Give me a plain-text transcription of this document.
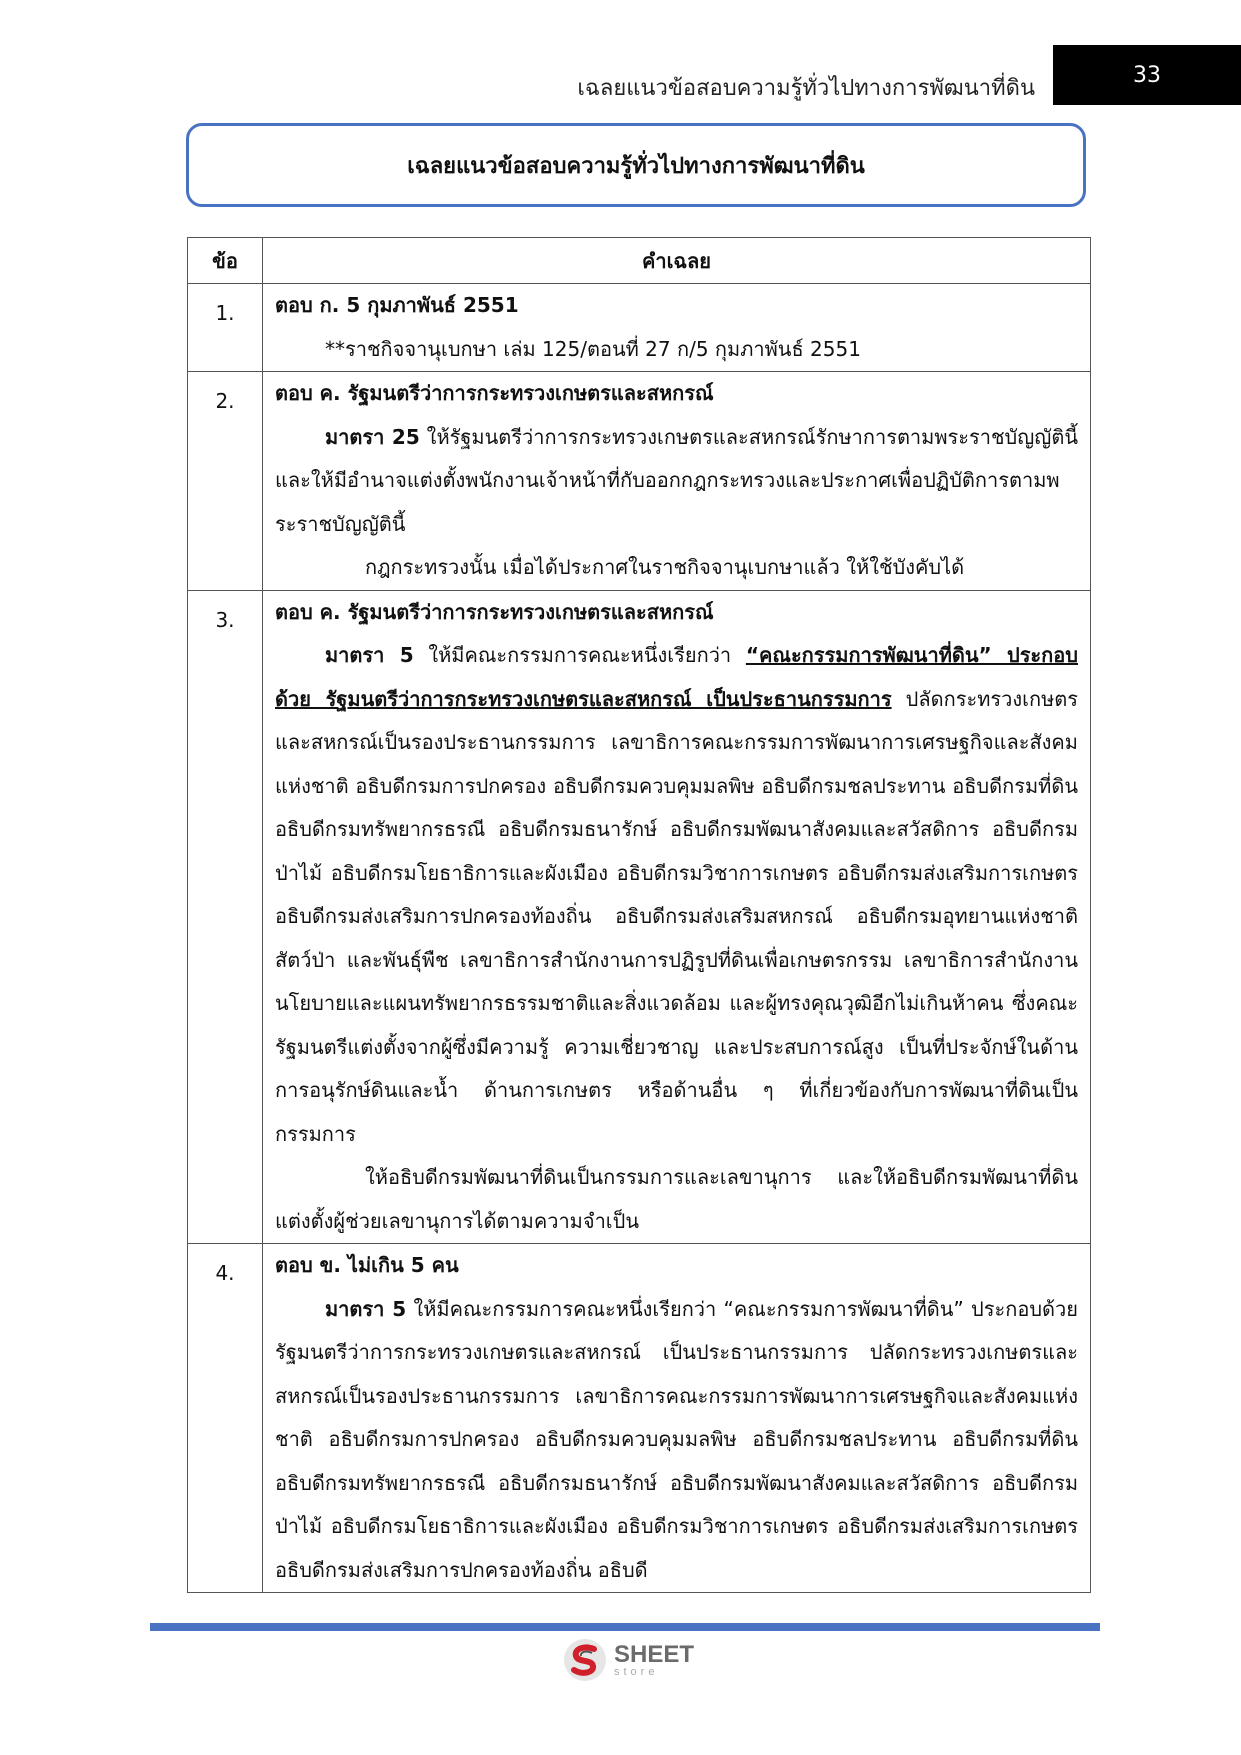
เฉลยแนวข้อสอบความรู้ทั่วไปทางการพัฒนาที่ดิน
33
เฉลยแนวข้อสอบความรู้ทั่วไปทางการพัฒนาที่ดิน
ข้อ	คำเฉลย
1.	ตอบ ก. 5 กุมภาพันธ์ 2551
**ราชกิจจานุเบกษา เล่ม 125/ตอนที่ 27 ก/5 กุมภาพันธ์ 2551

2.	ตอบ ค. รัฐมนตรีว่าการกระทรวงเกษตรและสหกรณ์

มาตรา 25 ให้รัฐมนตรีว่าการกระทรวงเกษตรและสหกรณ์รักษาการตามพระราชบัญญัตินี้และให้มีอำนาจแต่งตั้งพนักงานเจ้าหน้าที่กับออกกฎกระทรวงและประกาศเพื่อปฏิบัติการตามพระราชบัญญัตินี้

กฎกระทรวงนั้น เมื่อได้ประกาศในราชกิจจานุเบกษาแล้ว ให้ใช้บังคับได้

3.	ตอบ ค. รัฐมนตรีว่าการกระทรวงเกษตรและสหกรณ์

มาตรา 5 ให้มีคณะกรรมการคณะหนึ่งเรียกว่า “คณะกรรมการพัฒนาที่ดิน” ประกอบด้วย รัฐมนตรีว่าการกระทรวงเกษตรและสหกรณ์ เป็นประธานกรรมการ ปลัดกระทรวงเกษตรและสหกรณ์เป็นรองประธานกรรมการ เลขาธิการคณะกรรมการพัฒนาการเศรษฐกิจและสังคมแห่งชาติ อธิบดีกรมการปกครอง อธิบดีกรมควบคุมมลพิษ อธิบดีกรมชลประทาน อธิบดีกรมที่ดิน อธิบดีกรมทรัพยากรธรณี อธิบดีกรมธนารักษ์ อธิบดีกรมพัฒนาสังคมและสวัสดิการ อธิบดีกรมป่าไม้ อธิบดีกรมโยธาธิการและผังเมือง อธิบดีกรมวิชาการเกษตร อธิบดีกรมส่งเสริมการเกษตร อธิบดีกรมส่งเสริมการปกครองท้องถิ่น อธิบดีกรมส่งเสริมสหกรณ์ อธิบดีกรมอุทยานแห่งชาติ สัตว์ป่า และพันธุ์พืช เลขาธิการสำนักงานการปฏิรูปที่ดินเพื่อเกษตรกรรม เลขาธิการสำนักงานนโยบายและแผนทรัพยากรธรรมชาติและสิ่งแวดล้อม และผู้ทรงคุณวุฒิอีกไม่เกินห้าคน ซึ่งคณะรัฐมนตรีแต่งตั้งจากผู้ซึ่งมีความรู้ ความเชี่ยวชาญ และประสบการณ์สูง เป็นที่ประจักษ์ในด้านการอนุรักษ์ดินและน้ำ ด้านการเกษตร หรือด้านอื่น ๆ ที่เกี่ยวข้องกับการพัฒนาที่ดินเป็นกรรมการ

ให้อธิบดีกรมพัฒนาที่ดินเป็นกรรมการและเลขานุการ และให้อธิบดีกรมพัฒนาที่ดินแต่งตั้งผู้ช่วยเลขานุการได้ตามความจำเป็น

4.	ตอบ ข. ไม่เกิน 5 คน

มาตรา 5 ให้มีคณะกรรมการคณะหนึ่งเรียกว่า “คณะกรรมการพัฒนาที่ดิน” ประกอบด้วย รัฐมนตรีว่าการกระทรวงเกษตรและสหกรณ์ เป็นประธานกรรมการ ปลัดกระทรวงเกษตรและสหกรณ์เป็นรองประธานกรรมการ เลขาธิการคณะกรรมการพัฒนาการเศรษฐกิจและสังคมแห่งชาติ อธิบดีกรมการปกครอง อธิบดีกรมควบคุมมลพิษ อธิบดีกรมชลประทาน อธิบดีกรมที่ดิน อธิบดีกรมทรัพยากรธรณี อธิบดีกรมธนารักษ์ อธิบดีกรมพัฒนาสังคมและสวัสดิการ อธิบดีกรมป่าไม้ อธิบดีกรมโยธาธิการและผังเมือง อธิบดีกรมวิชาการเกษตร อธิบดีกรมส่งเสริมการเกษตร อธิบดีกรมส่งเสริมการปกครองท้องถิ่น อธิบดี

SHEET
store
